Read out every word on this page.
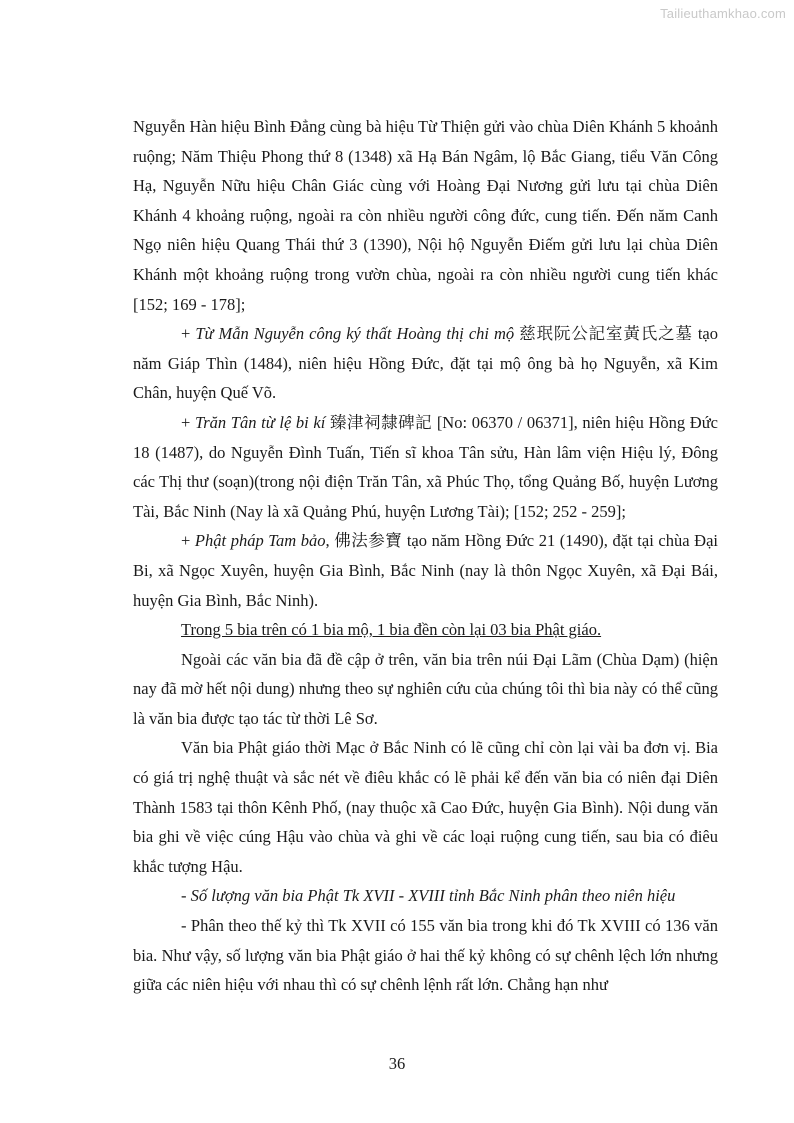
Tailieuthamkhao.com

Nguyễn Hàn hiệu Bình Đẳng cùng bà hiệu Từ Thiện gửi vào chùa Diên Khánh 5 khoảnh ruộng; Năm Thiệu Phong thứ 8 (1348) xã Hạ Bán Ngâm, lộ Bắc Giang, tiểu Văn Công Hạ, Nguyễn Nữu hiệu Chân Giác cùng với Hoàng Đại Nương gửi lưu tại chùa Diên Khánh 4 khoảng ruộng, ngoài ra còn nhiều người công đức, cung tiến. Đến năm Canh Ngọ niên hiệu Quang Thái thứ 3 (1390), Nội hộ Nguyễn Điếm gửi lưu lại chùa Diên Khánh một khoảng ruộng trong vườn chùa, ngoài ra còn nhiều người cung tiến khác [152; 169 - 178];

+ Từ Mẫn Nguyễn công ký thất Hoàng thị chi mộ 慈珉阮公記室黃氏之墓 tạo năm Giáp Thìn (1484), niên hiệu Hồng Đức, đặt tại mộ ông bà họ Nguyễn, xã Kim Chân, huyện Quế Võ.

+ Trăn Tân từ lệ bi kí 臻津祠隸碑記 [No: 06370 / 06371], niên hiệu Hồng Đức 18 (1487), do Nguyễn Đình Tuấn, Tiến sĩ khoa Tân sửu, Hàn lâm viện Hiệu lý, Đông các Thị thư (soạn)(trong nội điện Trăn Tân, xã Phúc Thọ, tổng Quảng Bố, huyện Lương Tài, Bắc Ninh (Nay là xã Quảng Phú, huyện Lương Tài); [152; 252 - 259];

+ Phật pháp Tam bảo, 佛法参寶 tạo năm Hồng Đức 21 (1490), đặt tại chùa Đại Bi, xã Ngọc Xuyên, huyện Gia Bình, Bắc Ninh (nay là thôn Ngọc Xuyên, xã Đại Bái, huyện Gia Bình, Bắc Ninh).

Trong 5 bia trên có 1 bia mộ, 1 bia đền còn lại 03 bia Phật giáo.

Ngoài các văn bia đã đề cập ở trên, văn bia trên núi Đại Lãm (Chùa Dạm) (hiện nay đã mờ hết nội dung) nhưng theo sự nghiên cứu của chúng tôi thì bia này có thể cũng là văn bia được tạo tác từ thời Lê Sơ.

Văn bia Phật giáo thời Mạc ở Bắc Ninh có lẽ cũng chỉ còn lại vài ba đơn vị. Bia có giá trị nghệ thuật và sắc nét về điêu khắc có lẽ phải kể đến văn bia có niên đại Diên Thành 1583 tại thôn Kênh Phố, (nay thuộc xã Cao Đức, huyện Gia Bình). Nội dung văn bia ghi về việc cúng Hậu vào chùa và ghi về các loại ruộng cung tiến, sau bia có điêu khắc tượng Hậu.

- Số lượng văn bia Phật Tk XVII - XVIII tỉnh Bắc Ninh phân theo niên hiệu

- Phân theo thế kỷ thì Tk XVII có 155 văn bia trong khi đó Tk XVIII có 136 văn bia. Như vậy, số lượng văn bia Phật giáo ở hai thế kỷ không có sự chênh lệch lớn nhưng giữa các niên hiệu với nhau thì có sự chênh lệnh rất lớn. Chẳng hạn như

36
